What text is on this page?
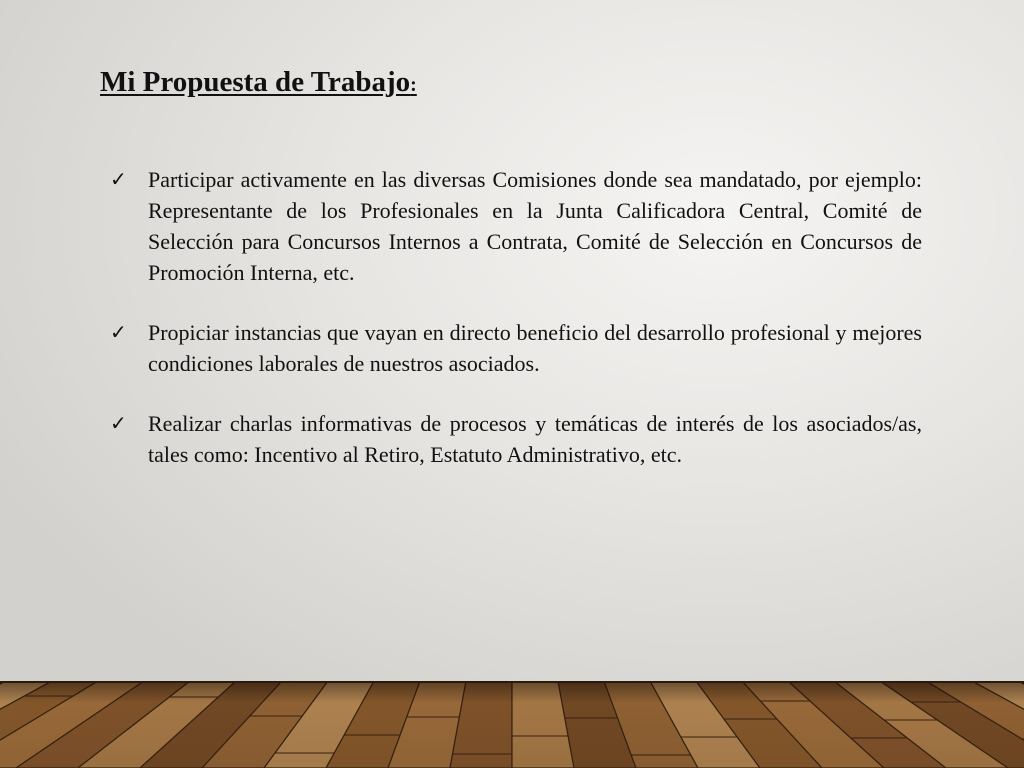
Mi Propuesta de Trabajo:
✓ Participar activamente en las diversas Comisiones donde sea mandatado, por ejemplo: Representante de los Profesionales en la Junta Calificadora Central, Comité de Selección para Concursos Internos a Contrata, Comité de Selección en Concursos de Promoción Interna, etc.
✓ Propiciar instancias que vayan en directo beneficio del desarrollo profesional y mejores condiciones laborales de nuestros asociados.
✓ Realizar charlas informativas de procesos y temáticas de interés de los asociados/as, tales como: Incentivo al Retiro, Estatuto Administrativo, etc.
